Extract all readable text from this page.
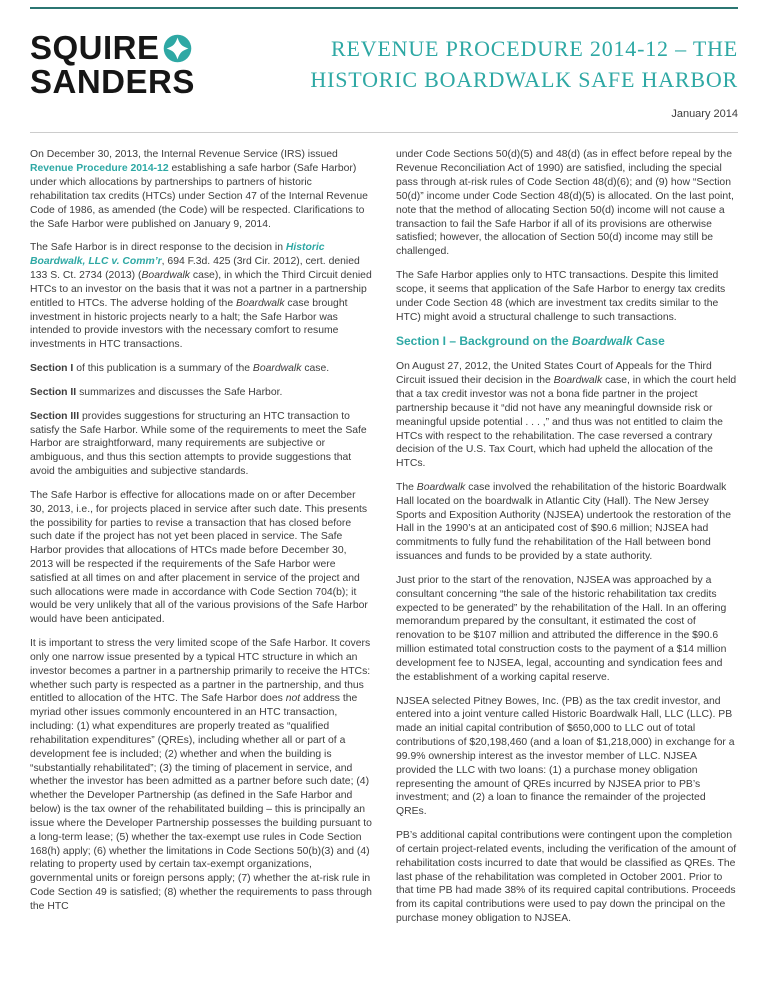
SQUIRE
SANDERS
REVENUE PROCEDURE 2014-12 – THE
HISTORIC BOARDWALK SAFE HARBOR
January 2014

On December 30, 2013, the Internal Revenue Service (IRS) issued Revenue Procedure 2014-12 establishing a safe harbor (Safe Harbor) under which allocations by partnerships to partners of historic rehabilitation tax credits (HTCs) under Section 47 of the Internal Revenue Code of 1986, as amended (the Code) will be respected. Clarifications to the Safe Harbor were published on January 9, 2014.

The Safe Harbor is in direct response to the decision in Historic Boardwalk, LLC v. Comm’r, 694 F.3d. 425 (3rd Cir. 2012), cert. denied 133 S. Ct. 2734 (2013) (Boardwalk case), in which the Third Circuit denied HTCs to an investor on the basis that it was not a partner in a partnership entitled to HTCs. The adverse holding of the Boardwalk case brought investment in historic projects nearly to a halt; the Safe Harbor was intended to provide investors with the necessary comfort to resume investments in HTC transactions.

Section I of this publication is a summary of the Boardwalk case.

Section II summarizes and discusses the Safe Harbor.

Section III provides suggestions for structuring an HTC transaction to satisfy the Safe Harbor. While some of the requirements to meet the Safe Harbor are straightforward, many requirements are subjective or ambiguous, and thus this section attempts to provide suggestions that avoid the ambiguities and subjective standards.

The Safe Harbor is effective for allocations made on or after December 30, 2013, i.e., for projects placed in service after such date. This presents the possibility for parties to revise a transaction that has closed before such date if the project has not yet been placed in service. The Safe Harbor provides that allocations of HTCs made before December 30, 2013 will be respected if the requirements of the Safe Harbor were satisfied at all times on and after placement in service of the project and such allocations were made in accordance with Code Section 704(b); it would be very unlikely that all of the various provisions of the Safe Harbor would have been anticipated.

It is important to stress the very limited scope of the Safe Harbor. It covers only one narrow issue presented by a typical HTC structure in which an investor becomes a partner in a partnership primarily to receive the HTCs: whether such party is respected as a partner in the partnership, and thus entitled to allocation of the HTC. The Safe Harbor does not address the myriad other issues commonly encountered in an HTC transaction, including: (1) what expenditures are properly treated as “qualified rehabilitation expenditures” (QREs), including whether all or part of a development fee is included; (2) whether and when the building is “substantially rehabilitated”; (3) the timing of placement in service, and whether the investor has been admitted as a partner before such date; (4) whether the Developer Partnership (as defined in the Safe Harbor and below) is the tax owner of the rehabilitated building – this is principally an issue where the Developer Partnership possesses the building pursuant to a long-term lease; (5) whether the tax-exempt use rules in Code Section 168(h) apply; (6) whether the limitations in Code Sections 50(b)(3) and (4) relating to property used by certain tax-exempt organizations, governmental units or foreign persons apply; (7) whether the at-risk rule in Code Section 49 is satisfied; (8) whether the requirements to pass through the HTC

under Code Sections 50(d)(5) and 48(d) (as in effect before repeal by the Revenue Reconciliation Act of 1990) are satisfied, including the special pass through at-risk rules of Code Section 48(d)(6); and (9) how “Section 50(d)” income under Code Section 48(d)(5) is allocated. On the last point, note that the method of allocating Section 50(d) income will not cause a transaction to fail the Safe Harbor if all of its provisions are otherwise satisfied; however, the allocation of Section 50(d) income may still be challenged.

The Safe Harbor applies only to HTC transactions. Despite this limited scope, it seems that application of the Safe Harbor to energy tax credits under Code Section 48 (which are investment tax credits similar to the HTC) might avoid a structural challenge to such transactions.

Section I – Background on the Boardwalk Case

On August 27, 2012, the United States Court of Appeals for the Third Circuit issued their decision in the Boardwalk case, in which the court held that a tax credit investor was not a bona fide partner in the project partnership because it “did not have any meaningful downside risk or meaningful upside potential . . . ,” and thus was not entitled to claim the HTCs with respect to the rehabilitation. The case reversed a contrary decision of the U.S. Tax Court, which had upheld the allocation of the HTCs.

The Boardwalk case involved the rehabilitation of the historic Boardwalk Hall located on the boardwalk in Atlantic City (Hall). The New Jersey Sports and Exposition Authority (NJSEA) undertook the restoration of the Hall in the 1990’s at an anticipated cost of $90.6 million; NJSEA had commitments to fully fund the rehabilitation of the Hall between bond issuances and funds to be provided by a state authority.

Just prior to the start of the renovation, NJSEA was approached by a consultant concerning “the sale of the historic rehabilitation tax credits expected to be generated” by the rehabilitation of the Hall. In an offering memorandum prepared by the consultant, it estimated the cost of renovation to be $107 million and attributed the difference in the $90.6 million estimated total construction costs to the payment of a $14 million development fee to NJSEA, legal, accounting and syndication fees and the establishment of a working capital reserve.

NJSEA selected Pitney Bowes, Inc. (PB) as the tax credit investor, and entered into a joint venture called Historic Boardwalk Hall, LLC (LLC). PB made an initial capital contribution of $650,000 to LLC out of total contributions of $20,198,460 (and a loan of $1,218,000) in exchange for a 99.9% ownership interest as the investor member of LLC. NJSEA provided the LLC with two loans: (1) a purchase money obligation representing the amount of QREs incurred by NJSEA prior to PB’s investment; and (2) a loan to finance the remainder of the projected QREs.

PB’s additional capital contributions were contingent upon the completion of certain project-related events, including the verification of the amount of rehabilitation costs incurred to date that would be classified as QREs. The last phase of the rehabilitation was completed in October 2001. Prior to that time PB had made 38% of its required capital contributions. Proceeds from its capital contributions were used to pay down the principal on the purchase money obligation to NJSEA.
